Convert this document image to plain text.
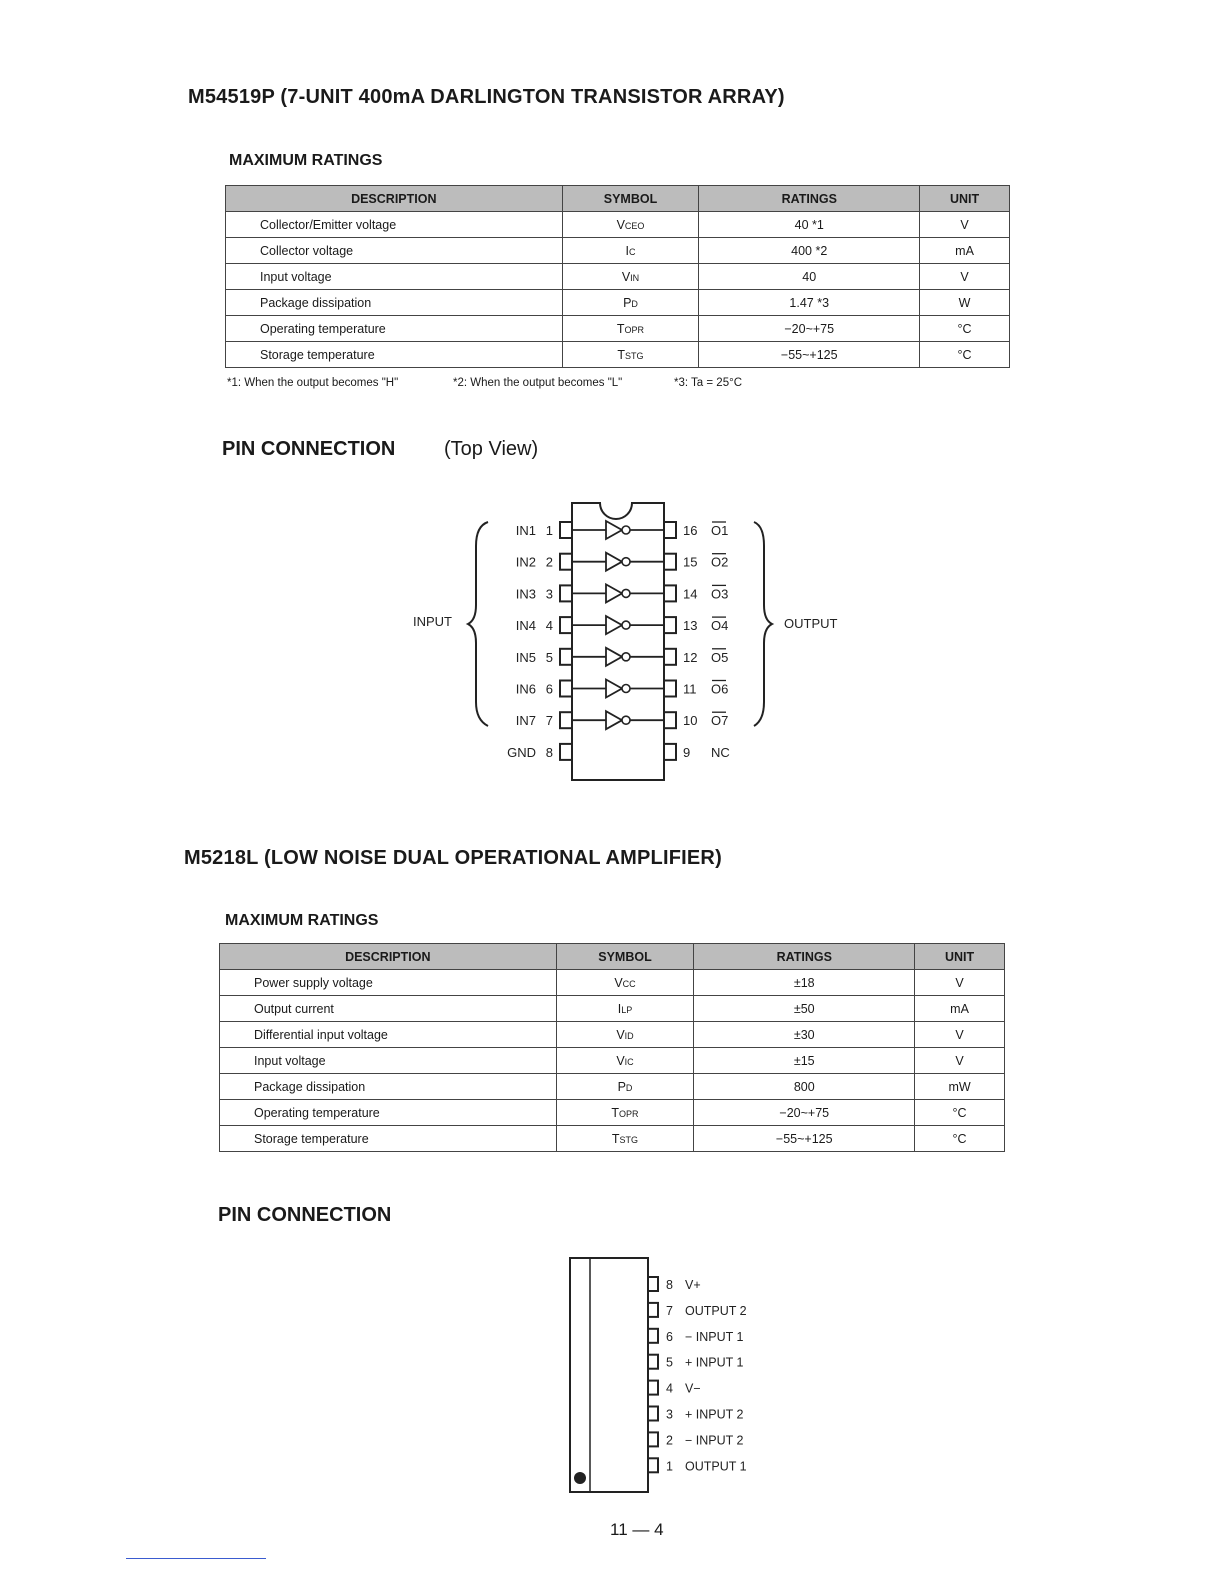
M54519P (7-UNIT 400mA DARLINGTON TRANSISTOR ARRAY)
MAXIMUM RATINGS
DESCRIPTION	SYMBOL	RATINGS	UNIT
Collector/Emitter voltage	VCEO	40 *1	V
Collector voltage	IC	400 *2	mA
Input voltage	VIN	40	V
Package dissipation	PD	1.47 *3	W
Operating temperature	TOPR	−20~+75	°C
Storage temperature	TSTG	−55~+125	°C
*1: When the output becomes "H"	*2: When the output becomes "L"	*3: Ta = 25°C
PIN CONNECTION (Top View)
INPUT	OUTPUT
IN1 1
IN2 2
IN3 3
IN4 4
IN5 5
IN6 6
IN7 7
GND 8
16 O1
15 O2
14 O3
13 O4
12 O5
11 O6
10 O7
9 NC
M5218L (LOW NOISE DUAL OPERATIONAL AMPLIFIER)
MAXIMUM RATINGS
DESCRIPTION	SYMBOL	RATINGS	UNIT
Power supply voltage	VCC	±18	V
Output current	ILP	±50	mA
Differential input voltage	VID	±30	V
Input voltage	VIC	±15	V
Package dissipation	PD	800	mW
Operating temperature	TOPR	−20~+75	°C
Storage temperature	TSTG	−55~+125	°C
PIN CONNECTION
8 V+
7 OUTPUT 2
6 − INPUT 1
5 + INPUT 1
4 V−
3 + INPUT 2
2 − INPUT 2
1 OUTPUT 1
11 — 4
